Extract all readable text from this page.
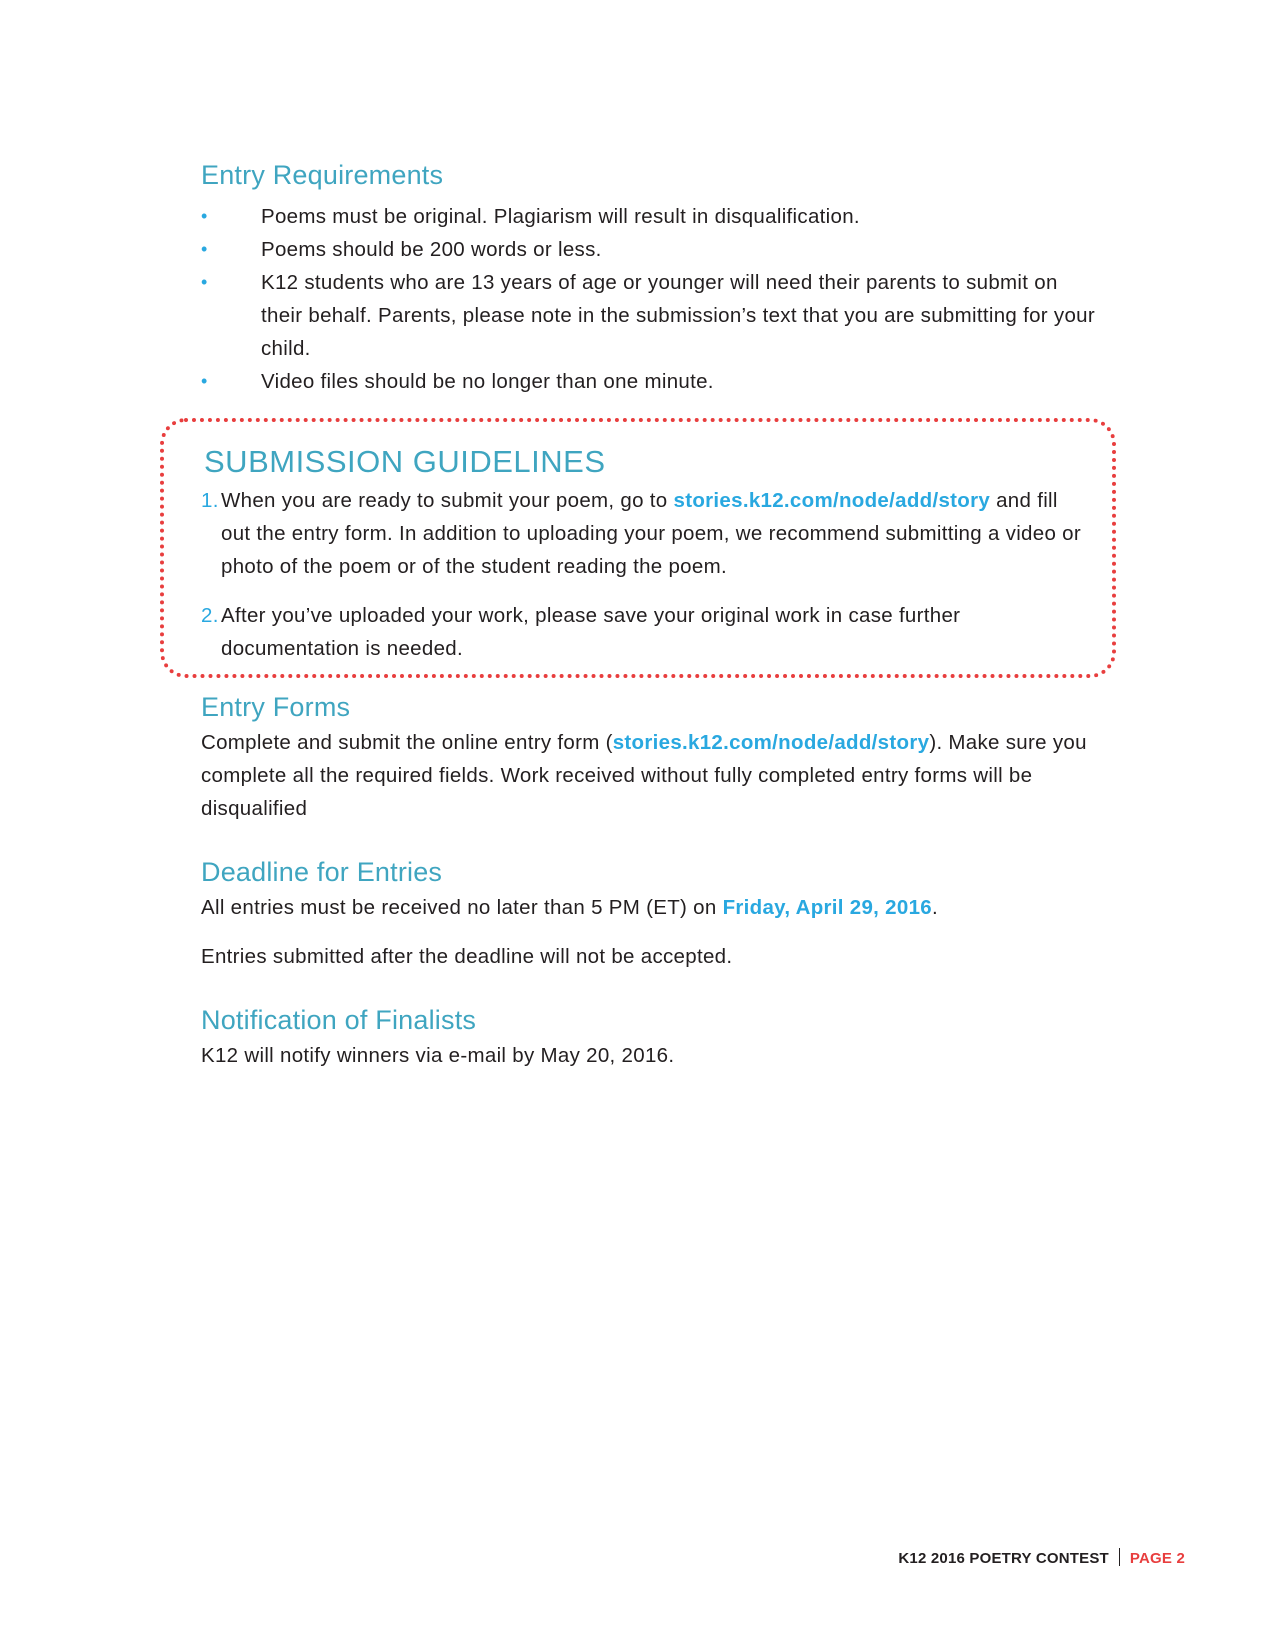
Entry Requirements
•	Poems must be original. Plagiarism will result in disqualification.
•	Poems should be 200 words or less.
•	K12 students who are 13 years of age or younger will need their parents to submit on their behalf. Parents, please note in the submission’s text that you are submitting for your child.
•	Video files should be no longer than one minute.
SUBMISSION GUIDELINES
1. When you are ready to submit your poem, go to stories.k12.com/node/add/story and fill out the entry form. In addition to uploading your poem, we recommend submitting a video or photo of the poem or of the student reading the poem.
2. After you’ve uploaded your work, please save your original work in case further documentation is needed.
Entry Forms

Complete and submit the online entry form (stories.k12.com/node/add/story). Make sure you complete all the required fields. Work received without fully completed entry forms will be disqualified

Deadline for Entries

All entries must be received no later than 5 PM (ET) on Friday, April 29, 2016.

Entries submitted after the deadline will not be accepted.

Notification of Finalists

K12 will notify winners via e-mail by May 20, 2016.

K12 2016 POETRY CONTEST PAGE 2
